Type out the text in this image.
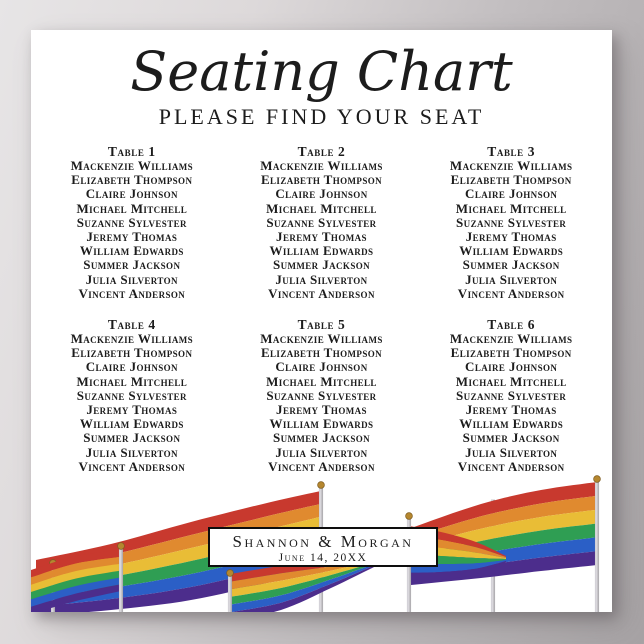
Seating Chart
PLEASE FIND YOUR SEAT
Table 1
Mackenzie Williams
Elizabeth Thompson
Claire Johnson
Michael Mitchell
Suzanne Sylvester
Jeremy Thomas
William Edwards
Summer Jackson
Julia Silverton
Vincent Anderson
Table 2
Mackenzie Williams
Elizabeth Thompson
Claire Johnson
Michael Mitchell
Suzanne Sylvester
Jeremy Thomas
William Edwards
Summer Jackson
Julia Silverton
Vincent Anderson
Table 3
Mackenzie Williams
Elizabeth Thompson
Claire Johnson
Michael Mitchell
Suzanne Sylvester
Jeremy Thomas
William Edwards
Summer Jackson
Julia Silverton
Vincent Anderson
Table 4
Mackenzie Williams
Elizabeth Thompson
Claire Johnson
Michael Mitchell
Suzanne Sylvester
Jeremy Thomas
William Edwards
Summer Jackson
Julia Silverton
Vincent Anderson
Table 5
Mackenzie Williams
Elizabeth Thompson
Claire Johnson
Michael Mitchell
Suzanne Sylvester
Jeremy Thomas
William Edwards
Summer Jackson
Julia Silverton
Vincent Anderson
Table 6
Mackenzie Williams
Elizabeth Thompson
Claire Johnson
Michael Mitchell
Suzanne Sylvester
Jeremy Thomas
William Edwards
Summer Jackson
Julia Silverton
Vincent Anderson
Shannon & Morgan
June 14, 20XX
